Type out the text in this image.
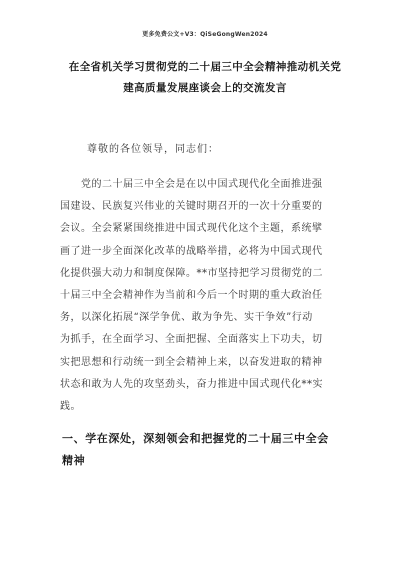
更多免费公文+V3：QiSeGongWen2024
在全省机关学习贯彻党的二十届三中全会精神推动机关党
建高质量发展座谈会上的交流发言
尊敬的各位领导，同志们：
　　党的二十届三中全会是在以中国式现代化全面推进强
国建设、民族复兴伟业的关键时期召开的一次十分重要的
会议。全会紧紧围绕推进中国式现代化这个主题，系统擘
画了进一步全面深化改革的战略举措，必将为中国式现代
化提供强大动力和制度保障。**市坚持把学习贯彻党的二
十届三中全会精神作为当前和今后一个时期的重大政治任
务，以深化拓展“深学争优、敢为争先、实干争效”行动
为抓手，在全面学习、全面把握、全面落实上下功夫，切
实把思想和行动统一到全会精神上来，以奋发进取的精神
状态和敢为人先的攻坚劲头，奋力推进中国式现代化**实
践。
一、学在深处，深刻领会和把握党的二十届三中全会
精神
